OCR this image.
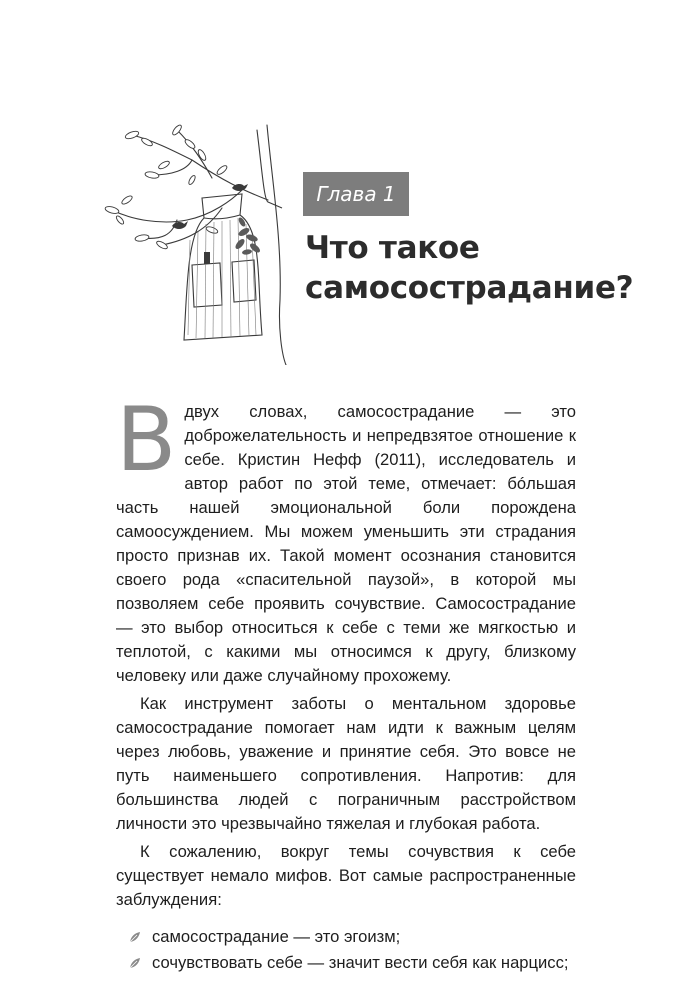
Глава 1
Что такое
самосострадание?

Вдвух словах, самосострадание — это доброжелательность и непредвзятое отношение к себе. Кристин Нефф (2011), исследователь и автор работ по этой теме, отмечает: бóльшая часть нашей эмоциональной боли порождена самоосуждением. Мы можем уменьшить эти страдания просто признав их. Такой момент осознания становится своего рода «спасительной паузой», в которой мы позволяем себе проявить сочувствие. Самосострадание — это выбор относиться к себе с теми же мягкостью и теплотой, с какими мы относимся к другу, близкому человеку или даже случайному прохожему.

Как инструмент заботы о ментальном здоровье самосострадание помогает нам идти к важным целям через любовь, уважение и принятие себя. Это вовсе не путь наименьшего сопротивления. Напротив: для большинства людей с пограничным расстройством личности это чрезвычайно тяжелая и глубокая работа.

К сожалению, вокруг темы сочувствия к себе существует немало мифов. Вот самые распространенные заблуждения:

самосострадание — это эгоизм;
сочувствовать себе — значит вести себя как нарцисс;
